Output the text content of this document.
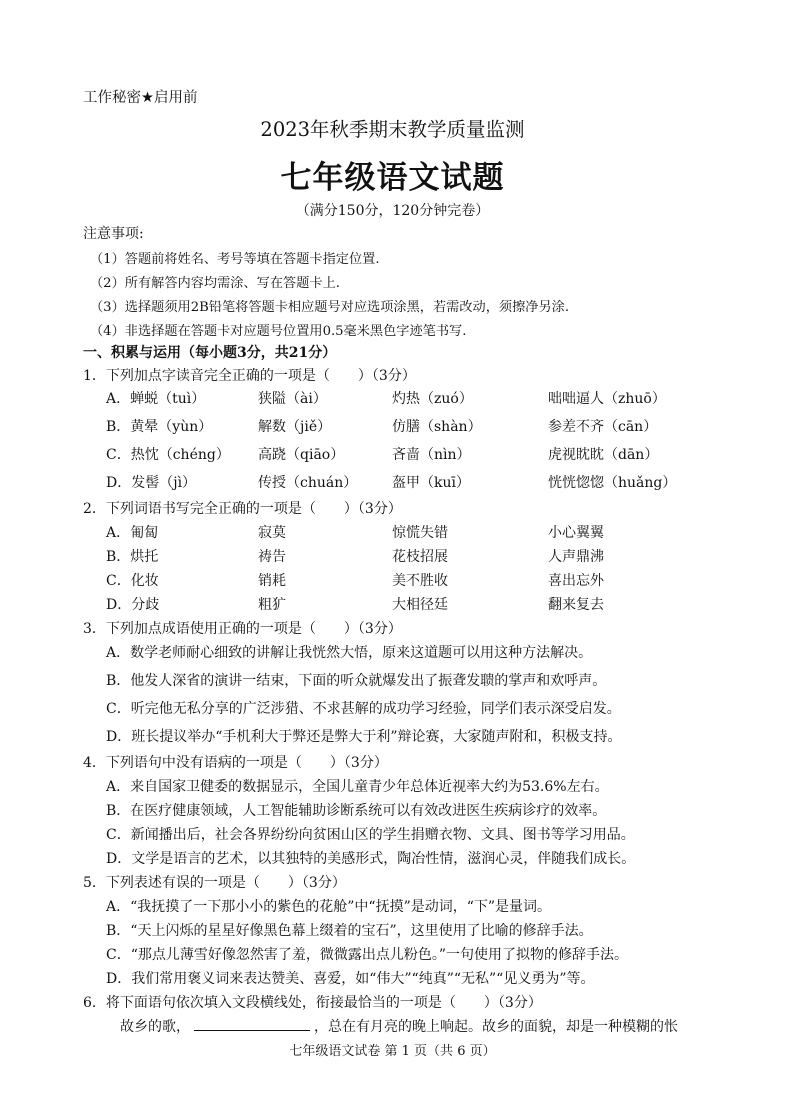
工作秘密★启用前
2023年秋季期末教学质量监测
七年级语文试题
（满分150分，120分钟完卷）
注意事项:
（1）答题前将姓名、考号等填在答题卡指定位置.
（2）所有解答内容均需涂、写在答题卡上.
（3）选择题须用2B铅笔将答题卡相应题号对应选项涂黑，若需改动，须擦净另涂.
（4）非选择题在答题卡对应题号位置用0.5毫米黑色字迹笔书写.
一、积累与运用（每小题3分，共21分）
1．下列加点字读音完全正确的一项是（　　）（3分）
A．蝉蜕（tuì）	狭隘（ài）	灼热（zuó）	咄咄逼人（zhuō）
B．黄晕（yùn）	解数（jiě）	仿膳（shàn）	参差不齐（cān）
C．热忱（chéng） 高跷（qiāo）	吝啬（nìn）	虎视眈眈（dān）
D．发髻（jì）	传授（chuán） 盔甲（kuī）	恍恍惚惚（huǎng）
2．下列词语书写完全正确的一项是（　　）（3分）
A．匍匐	寂莫	惊慌失错	小心翼翼
B．烘托	祷告	花枝招展	人声鼎沸
C．化妆	销耗	美不胜收	喜出忘外
D．分歧	粗犷	大相径廷	翻来复去
3．下列加点成语使用正确的一项是（　　）（3分）
A．数学老师耐心细致的讲解让我恍然大悟，原来这道题可以用这种方法解决。
B．他发人深省的演讲一结束，下面的听众就爆发出了振聋发聩的掌声和欢呼声。
C．听完他无私分享的广泛涉猎、不求甚解的成功学习经验，同学们表示深受启发。
D．班长提议举办“手机利大于弊还是弊大于利”辩论赛，大家随声附和，积极支持。
4．下列语句中没有语病的一项是（　　）（3分）
A．来自国家卫健委的数据显示，全国儿童青少年总体近视率大约为53.6%左右。
B．在医疗健康领域，人工智能辅助诊断系统可以有效改进医生疾病诊疗的效率。
C．新闻播出后，社会各界纷纷向贫困山区的学生捐赠衣物、文具、图书等学习用品。
D．文学是语言的艺术，以其独特的美感形式，陶冶性情，滋润心灵，伴随我们成长。
5．下列表述有误的一项是（　　）（3分）
A．“我抚摸了一下那小小的紫色的花舱”中“抚摸”是动词，“下”是量词。
B．“天上闪烁的星星好像黑色幕上缀着的宝石”，这里使用了比喻的修辞手法。
C．“那点儿薄雪好像忽然害了羞，微微露出点儿粉色。”一句使用了拟物的修辞手法。
D．我们常用褒义词来表达赞美、喜爱，如“伟大”“纯真”“无私”“见义勇为”等。
6．将下面语句依次填入文段横线处，衔接最恰当的一项是（　　）（3分）
故乡的歌，	，总在有月亮的晚上响起。故乡的面貌，却是一种模糊的怅
七年级语文试卷 第 1 页（共 6 页）
